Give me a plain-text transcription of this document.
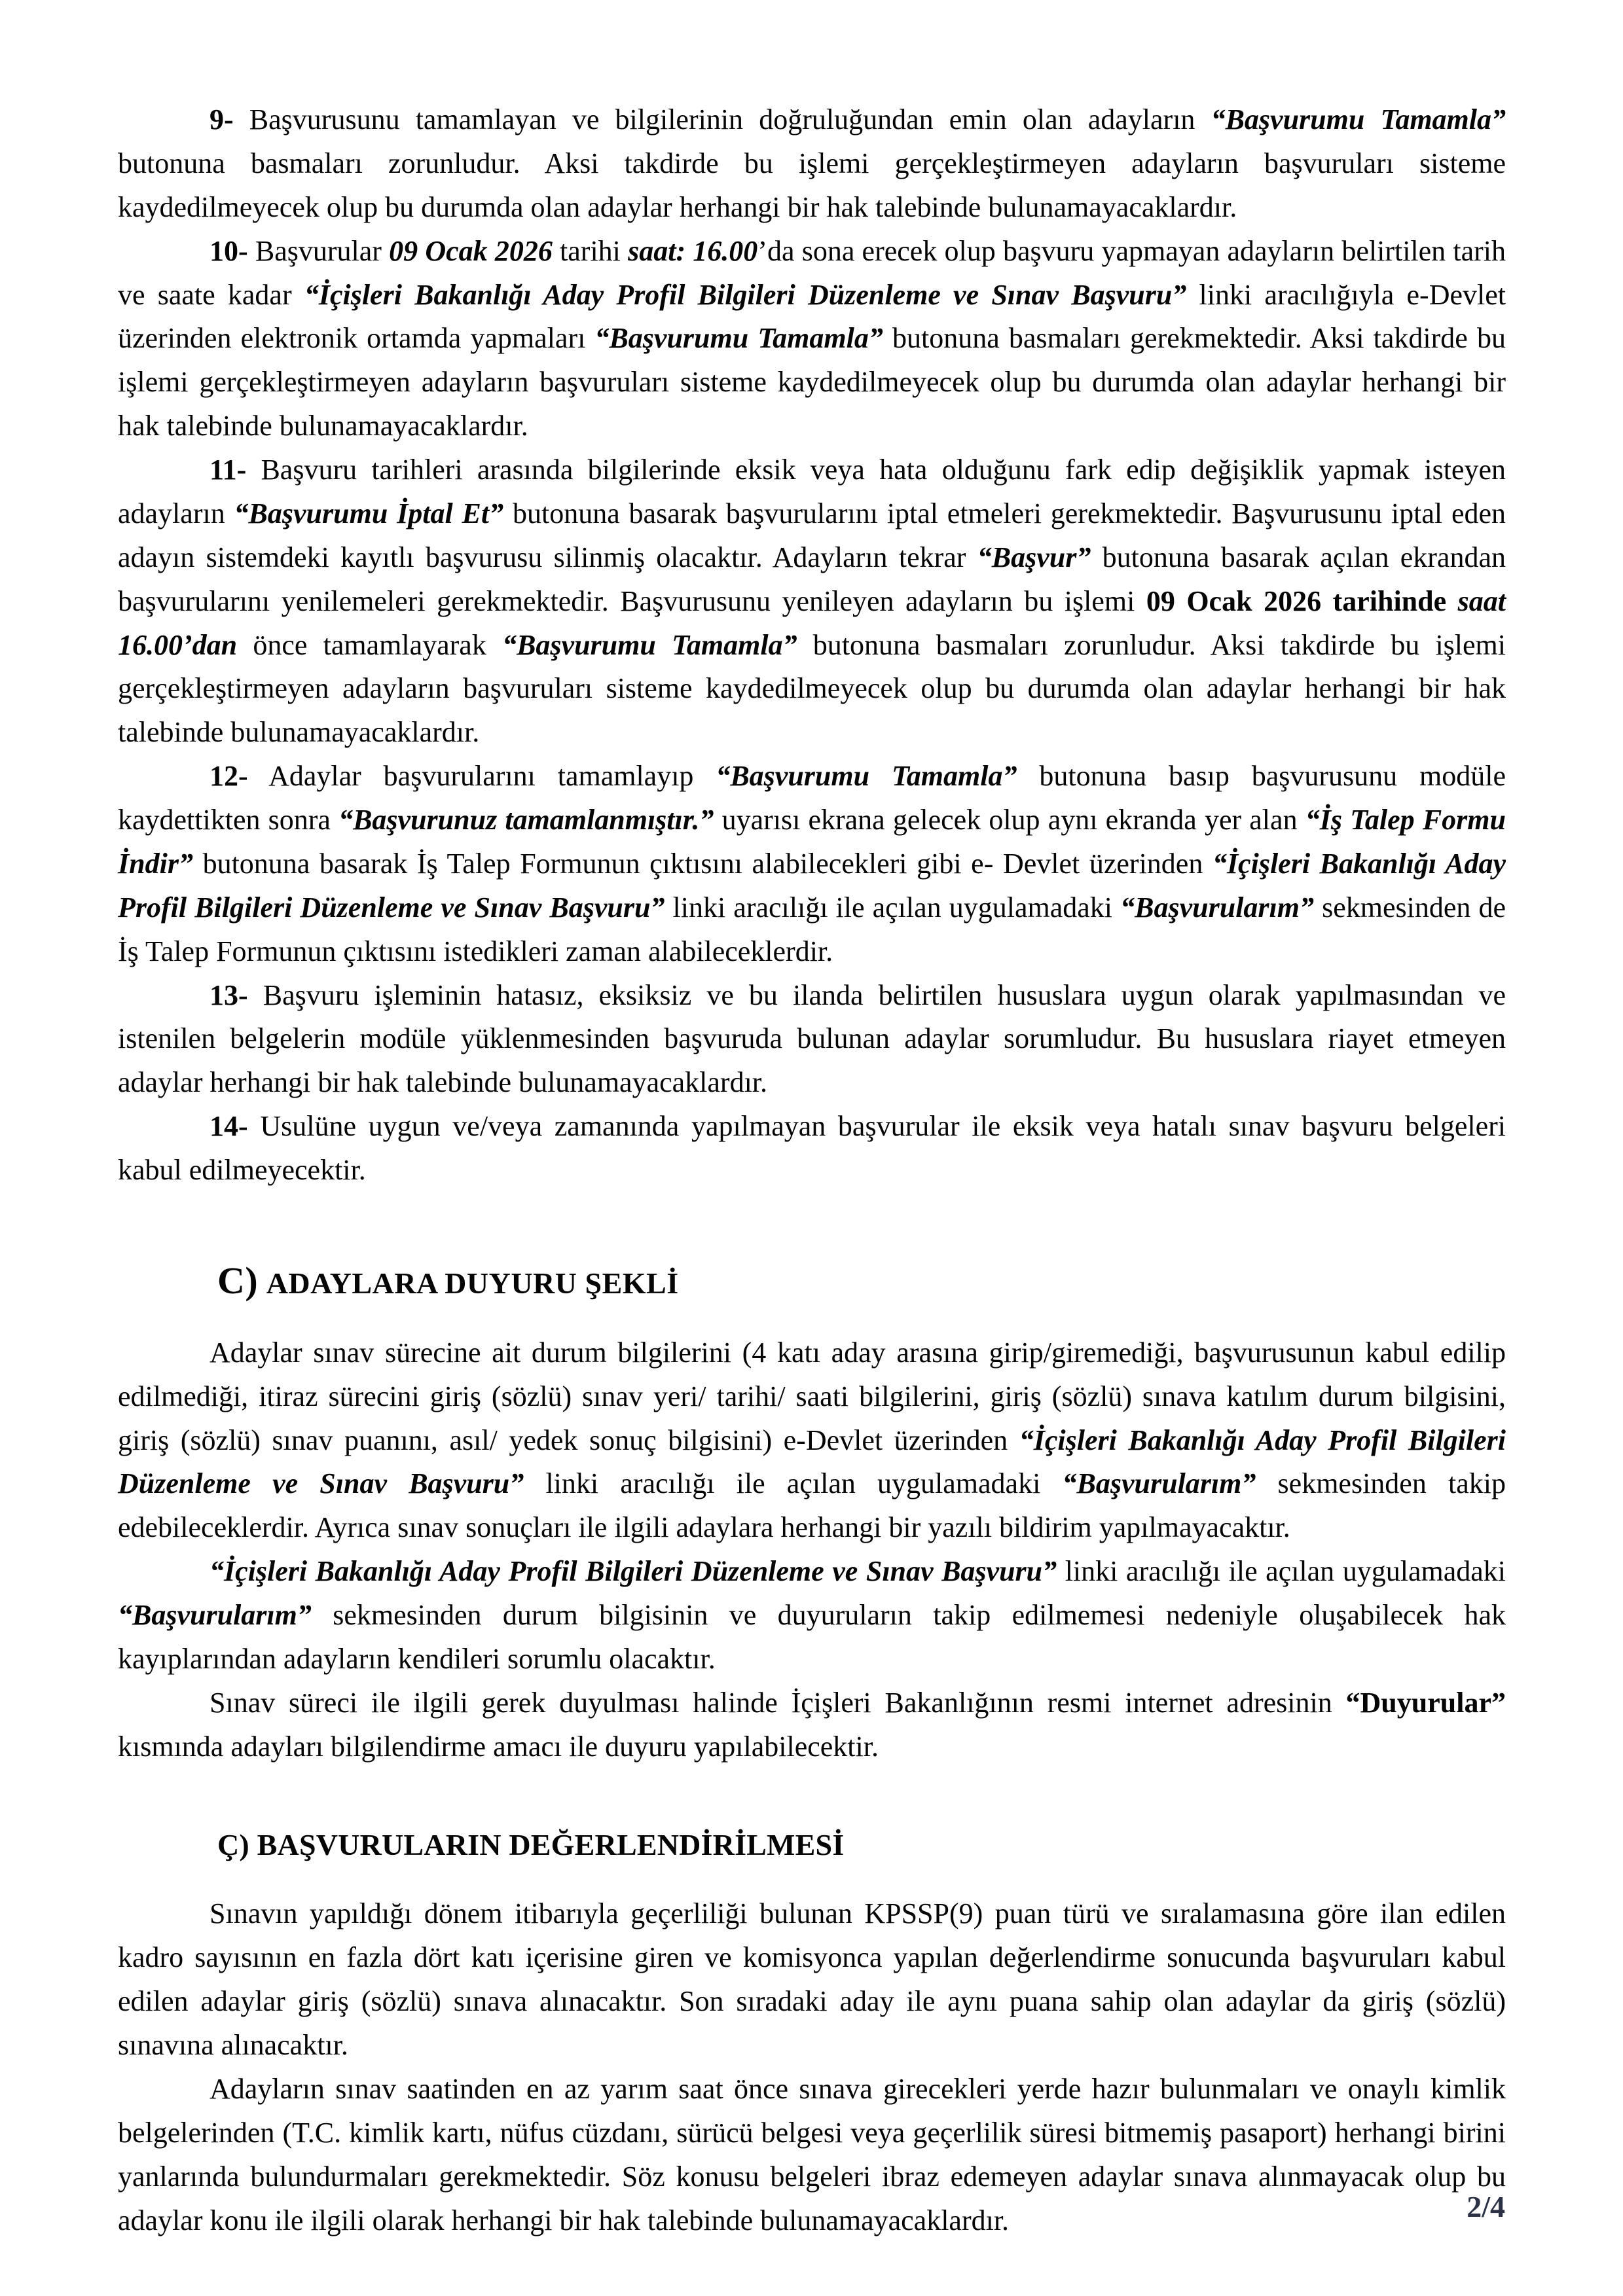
9- Başvurusunu tamamlayan ve bilgilerinin doğruluğundan emin olan adayların “Başvurumu Tamamla” butonuna basmaları zorunludur. Aksi takdirde bu işlemi gerçekleştirmeyen adayların başvuruları sisteme kaydedilmeyecek olup bu durumda olan adaylar herhangi bir hak talebinde bulunamayacaklardır.

10- Başvurular 09 Ocak 2026 tarihi saat: 16.00’da sona erecek olup başvuru yapmayan adayların belirtilen tarih ve saate kadar “İçişleri Bakanlığı Aday Profil Bilgileri Düzenleme ve Sınav Başvuru” linki aracılığıyla e-Devlet üzerinden elektronik ortamda yapmaları “Başvurumu Tamamla” butonuna basmaları gerekmektedir. Aksi takdirde bu işlemi gerçekleştirmeyen adayların başvuruları sisteme kaydedilmeyecek olup bu durumda olan adaylar herhangi bir hak talebinde bulunamayacaklardır.

11- Başvuru tarihleri arasında bilgilerinde eksik veya hata olduğunu fark edip değişiklik yapmak isteyen adayların “Başvurumu İptal Et” butonuna basarak başvurularını iptal etmeleri gerekmektedir. Başvurusunu iptal eden adayın sistemdeki kayıtlı başvurusu silinmiş olacaktır. Adayların tekrar “Başvur” butonuna basarak açılan ekrandan başvurularını yenilemeleri gerekmektedir. Başvurusunu yenileyen adayların bu işlemi 09 Ocak 2026 tarihinde saat 16.00’dan önce tamamlayarak “Başvurumu Tamamla” butonuna basmaları zorunludur. Aksi takdirde bu işlemi gerçekleştirmeyen adayların başvuruları sisteme kaydedilmeyecek olup bu durumda olan adaylar herhangi bir hak talebinde bulunamayacaklardır.

12- Adaylar başvurularını tamamlayıp “Başvurumu Tamamla” butonuna basıp başvurusunu modüle kaydettikten sonra “Başvurunuz tamamlanmıştır.” uyarısı ekrana gelecek olup aynı ekranda yer alan “İş Talep Formu İndir” butonuna basarak İş Talep Formunun çıktısını alabilecekleri gibi e- Devlet üzerinden “İçişleri Bakanlığı Aday Profil Bilgileri Düzenleme ve Sınav Başvuru” linki aracılığı ile açılan uygulamadaki “Başvurularım” sekmesinden de İş Talep Formunun çıktısını istedikleri zaman alabileceklerdir.

13- Başvuru işleminin hatasız, eksiksiz ve bu ilanda belirtilen hususlara uygun olarak yapılmasından ve istenilen belgelerin modüle yüklenmesinden başvuruda bulunan adaylar sorumludur. Bu hususlara riayet etmeyen adaylar herhangi bir hak talebinde bulunamayacaklardır.

14- Usulüne uygun ve/veya zamanında yapılmayan başvurular ile eksik veya hatalı sınav başvuru belgeleri kabul edilmeyecektir.

C) ADAYLARA DUYURU ŞEKLİ

Adaylar sınav sürecine ait durum bilgilerini (4 katı aday arasına girip/giremediği, başvurusunun kabul edilip edilmediği, itiraz sürecini giriş (sözlü) sınav yeri/ tarihi/ saati bilgilerini, giriş (sözlü) sınava katılım durum bilgisini, giriş (sözlü) sınav puanını, asıl/ yedek sonuç bilgisini) e-Devlet üzerinden “İçişleri Bakanlığı Aday Profil Bilgileri Düzenleme ve Sınav Başvuru” linki aracılığı ile açılan uygulamadaki “Başvurularım” sekmesinden takip edebileceklerdir. Ayrıca sınav sonuçları ile ilgili adaylara herhangi bir yazılı bildirim yapılmayacaktır.

“İçişleri Bakanlığı Aday Profil Bilgileri Düzenleme ve Sınav Başvuru” linki aracılığı ile açılan uygulamadaki “Başvurularım” sekmesinden durum bilgisinin ve duyuruların takip edilmemesi nedeniyle oluşabilecek hak kayıplarından adayların kendileri sorumlu olacaktır.

Sınav süreci ile ilgili gerek duyulması halinde İçişleri Bakanlığının resmi internet adresinin “Duyurular” kısmında adayları bilgilendirme amacı ile duyuru yapılabilecektir.

Ç) BAŞVURULARIN DEĞERLENDİRİLMESİ

Sınavın yapıldığı dönem itibarıyla geçerliliği bulunan KPSSP(9) puan türü ve sıralamasına göre ilan edilen kadro sayısının en fazla dört katı içerisine giren ve komisyonca yapılan değerlendirme sonucunda başvuruları kabul edilen adaylar giriş (sözlü) sınava alınacaktır. Son sıradaki aday ile aynı puana sahip olan adaylar da giriş (sözlü) sınavına alınacaktır.

Adayların sınav saatinden en az yarım saat önce sınava girecekleri yerde hazır bulunmaları ve onaylı kimlik belgelerinden (T.C. kimlik kartı, nüfus cüzdanı, sürücü belgesi veya geçerlilik süresi bitmemiş pasaport) herhangi birini yanlarında bulundurmaları gerekmektedir. Söz konusu belgeleri ibraz edemeyen adaylar sınava alınmayacak olup bu adaylar konu ile ilgili olarak herhangi bir hak talebinde bulunamayacaklardır.	2/4
